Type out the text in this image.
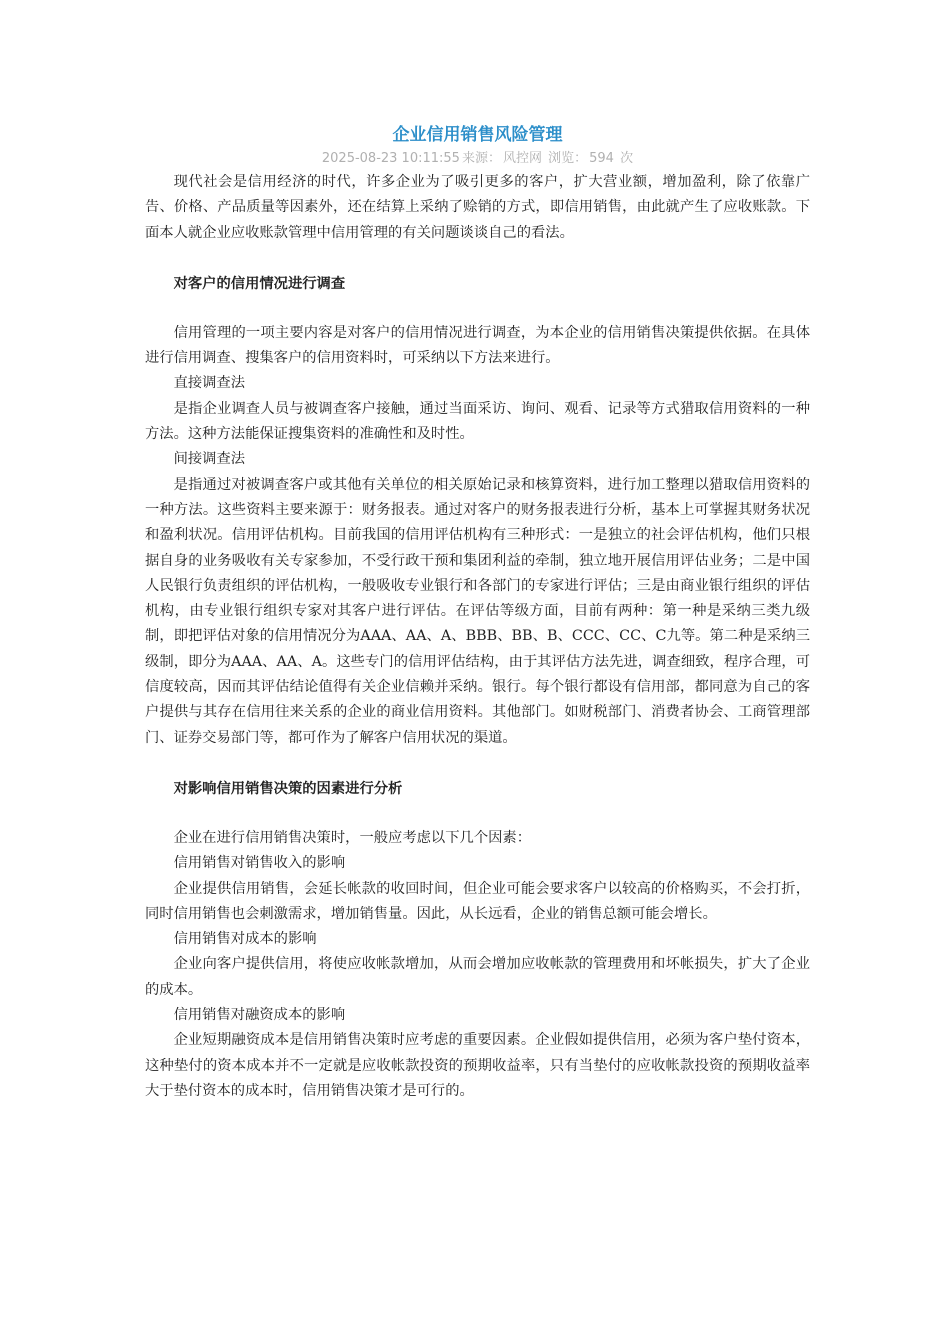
企业信用销售风险管理
2025-08-23 10:11:55 来源： 风控网 浏览： 594 次

现代社会是信用经济的时代，许多企业为了吸引更多的客户，扩大营业额，增加盈利，除了依靠广告、价格、产品质量等因素外，还在结算上采纳了赊销的方式，即信用销售，由此就产生了应收账款。下面本人就企业应收账款管理中信用管理的有关问题谈谈自己的看法。

对客户的信用情况进行调查

信用管理的一项主要内容是对客户的信用情况进行调查，为本企业的信用销售决策提供依据。在具体进行信用调查、搜集客户的信用资料时，可采纳以下方法来进行。

直接调查法

是指企业调查人员与被调查客户接触，通过当面采访、询问、观看、记录等方式猎取信用资料的一种方法。这种方法能保证搜集资料的准确性和及时性。

间接调查法

是指通过对被调查客户或其他有关单位的相关原始记录和核算资料，进行加工整理以猎取信用资料的一种方法。这些资料主要来源于：财务报表。通过对客户的财务报表进行分析，基本上可掌握其财务状况和盈利状况。信用评估机构。目前我国的信用评估机构有三种形式：一是独立的社会评估机构，他们只根据自身的业务吸收有关专家参加，不受行政干预和集团利益的牵制，独立地开展信用评估业务；二是中国人民银行负责组织的评估机构，一般吸收专业银行和各部门的专家进行评估；三是由商业银行组织的评估机构，由专业银行组织专家对其客户进行评估。在评估等级方面，目前有两种：第一种是采纳三类九级制，即把评估对象的信用情况分为AAA、AA、A、BBB、BB、B、CCC、CC、C九等。第二种是采纳三级制，即分为AAA、AA、A。这些专门的信用评估结构，由于其评估方法先进，调查细致，程序合理，可信度较高，因而其评估结论值得有关企业信赖并采纳。银行。每个银行都设有信用部，都同意为自己的客户提供与其存在信用往来关系的企业的商业信用资料。其他部门。如财税部门、消费者协会、工商管理部门、证券交易部门等，都可作为了解客户信用状况的渠道。

对影响信用销售决策的因素进行分析

企业在进行信用销售决策时，一般应考虑以下几个因素：

信用销售对销售收入的影响

企业提供信用销售，会延长帐款的收回时间，但企业可能会要求客户以较高的价格购买，不会打折，同时信用销售也会刺激需求，增加销售量。因此，从长远看，企业的销售总额可能会增长。

信用销售对成本的影响

企业向客户提供信用，将使应收帐款增加，从而会增加应收帐款的管理费用和坏帐损失，扩大了企业的成本。

信用销售对融资成本的影响

企业短期融资成本是信用销售决策时应考虑的重要因素。企业假如提供信用，必须为客户垫付资本，这种垫付的资本成本并不一定就是应收帐款投资的预期收益率，只有当垫付的应收帐款投资的预期收益率大于垫付资本的成本时，信用销售决策才是可行的。
